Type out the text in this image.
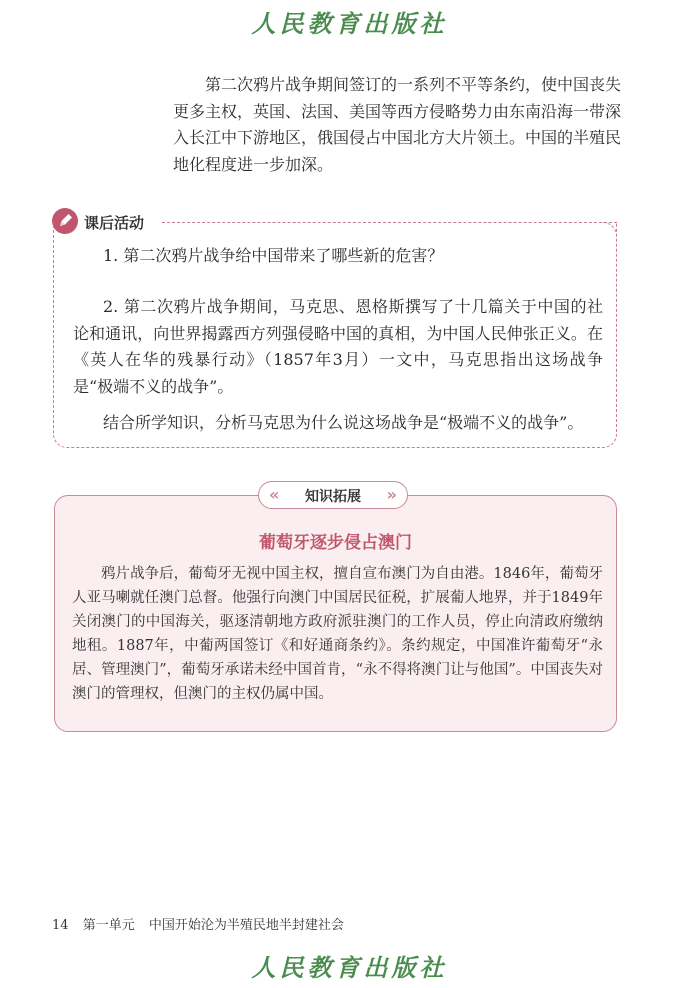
人民教育出版社

第二次鸦片战争期间签订的一系列不平等条约，使中国丧失更多主权，英国、法国、美国等西方侵略势力由东南沿海一带深入长江中下游地区，俄国侵占中国北方大片领土。中国的半殖民地化程度进一步加深。

课后活动

1. 第二次鸦片战争给中国带来了哪些新的危害？

2. 第二次鸦片战争期间，马克思、恩格斯撰写了十几篇关于中国的社论和通讯，向世界揭露西方列强侵略中国的真相，为中国人民伸张正义。在《英人在华的残暴行动》（1857年3月）一文中，马克思指出这场战争是“极端不义的战争”。

结合所学知识，分析马克思为什么说这场战争是“极端不义的战争”。

«	知识拓展	»
葡萄牙逐步侵占澳门

鸦片战争后，葡萄牙无视中国主权，擅自宣布澳门为自由港。1846年，葡萄牙人亚马喇就任澳门总督。他强行向澳门中国居民征税，扩展葡人地界，并于1849年关闭澳门的中国海关，驱逐清朝地方政府派驻澳门的工作人员，停止向清政府缴纳地租。1887年，中葡两国签订《和好通商条约》。条约规定，中国准许葡萄牙“永居、管理澳门”，葡萄牙承诺未经中国首肯，“永不得将澳门让与他国”。中国丧失对澳门的管理权，但澳门的主权仍属中国。

14 第一单元 中国开始沦为半殖民地半封建社会
人民教育出版社
